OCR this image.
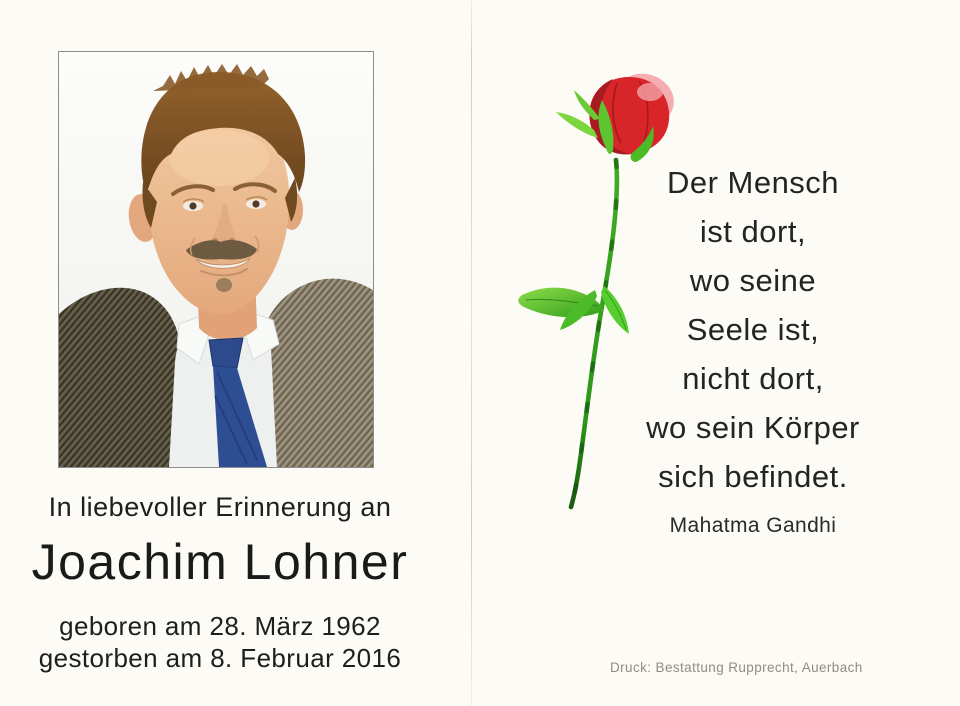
In liebevoller Erinnerung an
Joachim Lohner
geboren am 28. März 1962
gestorben am 8. Februar 2016
Der Mensch
ist dort,
wo seine
Seele ist,
nicht dort,
wo sein Körper
sich befindet.
Mahatma Gandhi
Druck: Bestattung Rupprecht, Auerbach
